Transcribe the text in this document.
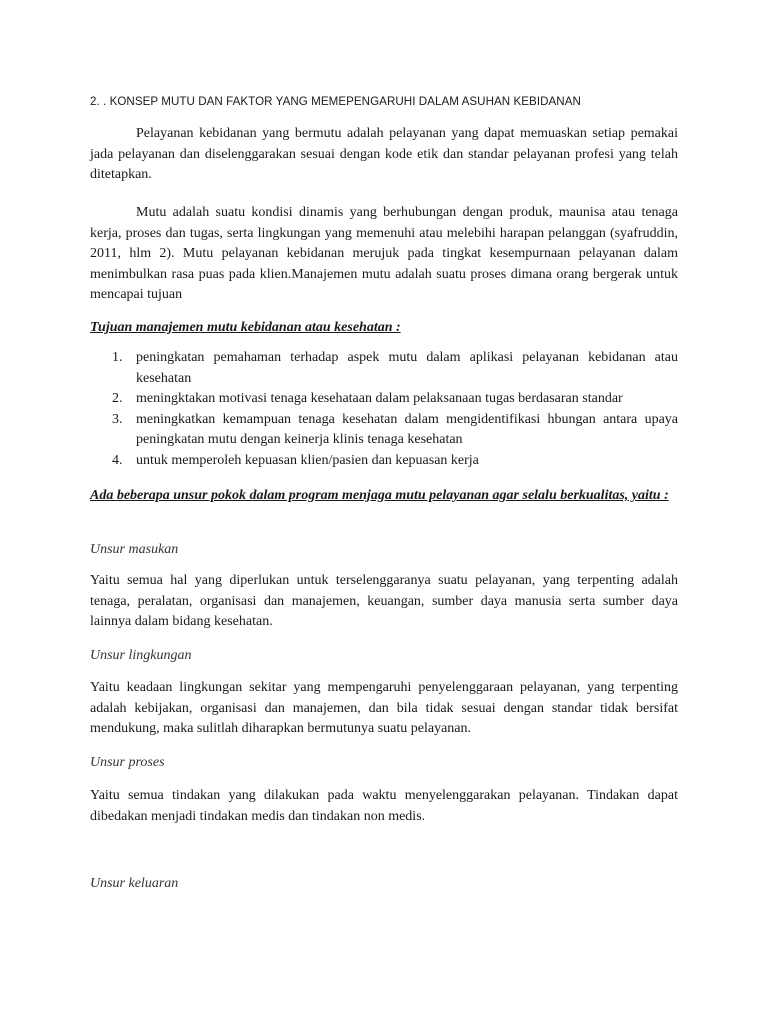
2. . KONSEP MUTU DAN FAKTOR YANG MEMEPENGARUHI DALAM ASUHAN KEBIDANAN

Pelayanan kebidanan yang bermutu adalah pelayanan yang dapat memuaskan setiap pemakai jada pelayanan dan diselenggarakan sesuai dengan kode etik dan standar pelayanan profesi yang telah ditetapkan.

Mutu adalah suatu kondisi dinamis yang berhubungan dengan produk, maunisa atau tenaga kerja, proses dan tugas, serta lingkungan yang memenuhi atau melebihi harapan pelanggan (syafruddin, 2011, hlm 2). Mutu pelayanan kebidanan merujuk pada tingkat kesempurnaan pelayanan dalam menimbulkan rasa puas pada klien.Manajemen mutu adalah suatu proses dimana orang bergerak untuk mencapai tujuan

Tujuan manajemen mutu kebidanan atau kesehatan :

1. peningkatan pemahaman terhadap aspek mutu dalam aplikasi pelayanan kebidanan atau kesehatan
2. meningktakan motivasi tenaga kesehataan dalam pelaksanaan tugas berdasaran standar
3. meningkatkan kemampuan tenaga kesehatan dalam mengidentifikasi hbungan antara upaya peningkatan mutu dengan keinerja klinis tenaga kesehatan
4. untuk memperoleh kepuasan klien/pasien dan kepuasan kerja

Ada beberapa unsur pokok dalam program menjaga mutu pelayanan agar selalu berkualitas, yaitu :

Unsur masukan

Yaitu semua hal yang diperlukan untuk terselenggaranya suatu pelayanan, yang terpenting adalah tenaga, peralatan, organisasi dan manajemen, keuangan, sumber daya manusia serta sumber daya lainnya dalam bidang kesehatan.

Unsur lingkungan

Yaitu keadaan lingkungan sekitar yang mempengaruhi penyelenggaraan pelayanan, yang terpenting adalah kebijakan, organisasi dan manajemen, dan bila tidak sesuai dengan standar tidak bersifat mendukung, maka sulitlah diharapkan bermutunya suatu pelayanan.

Unsur proses

Yaitu semua tindakan yang dilakukan pada waktu menyelenggarakan pelayanan. Tindakan dapat dibedakan menjadi tindakan medis dan tindakan non medis.

Unsur keluaran
